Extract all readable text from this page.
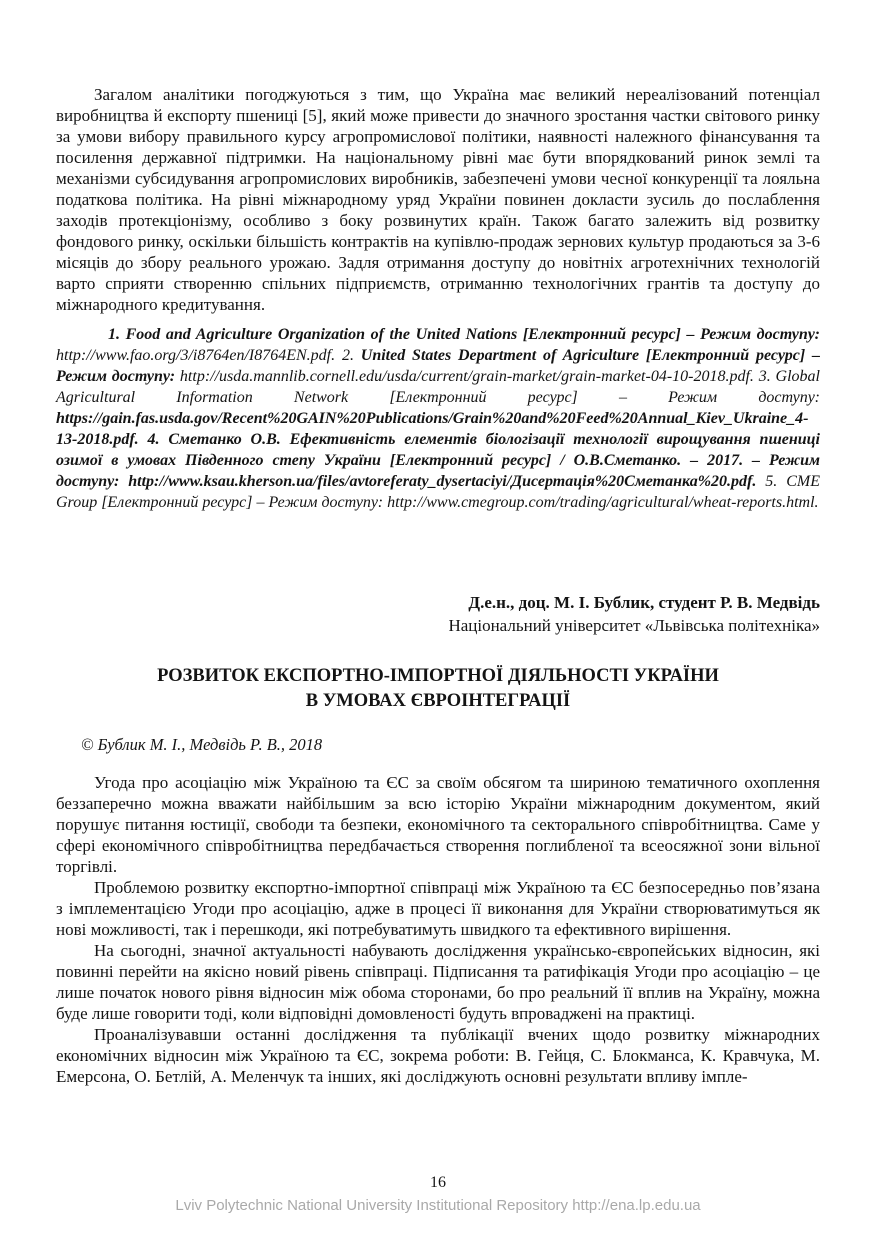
Загалом аналітики погоджуються з тим, що Україна має великий нереалізований потенціал виробництва й експорту пшениці [5], який може привести до значного зростання частки світового ринку за умови вибору правильного курсу агропромислової політики, наявності належного фінансування та посилення державної підтримки. На національному рівні має бути впорядкований ринок землі та механізми субсидування агропромислових виробників, забезпечені умови чесної конкуренції та лояльна податкова політика. На рівні міжнародному уряд України повинен докласти зусиль до послаблення заходів протекціонізму, особливо з боку розвинутих країн. Також багато залежить від розвитку фондового ринку, оскільки більшість контрактів на купівлю-продаж зернових культур продаються за 3-6 місяців до збору реального урожаю. Задля отримання доступу до новітніх агротехнічних технологій варто сприяти створенню спільних підприємств, отриманню технологічних грантів та доступу до міжнародного кредитування.

1. Food and Agriculture Organization of the United Nations [Електронний ресурс] – Режим доступу: http://www.fao.org/3/i8764en/I8764EN.pdf. 2. United States Department of Agriculture [Електронний ресурс] – Режим доступу: http://usda.mannlib.cornell.edu/usda/current/grain-market/grain-market-04-10-2018.pdf. 3. Global Agricultural Information Network [Електронний ресурс] – Режим доступу: https://gain.fas.usda.gov/Recent%20GAIN%20Publications/Grain%20and%20Feed%20Annual_Kiev_Ukraine_4-13-2018.pdf. 4. Сметанко О.В. Ефективність елементів біологізації технології вирощування пшениці озимої в умовах Південного степу України [Електронний ресурс] / О.В.Сметанко. – 2017. – Режим доступу: http://www.ksau.kherson.ua/files/avtoreferaty_dysertaciyi/Дисертація%20Сметанка%20.pdf. 5. CME Group [Електронний ресурс] – Режим доступу: http://www.cmegroup.com/trading/agricultural/wheat-reports.html.

Д.е.н., доц. М. І. Бублик, студент Р. В. Медвідь
Національний університет «Львівська політехніка»
РОЗВИТОК ЕКСПОРТНО-ІМПОРТНОЇ ДІЯЛЬНОСТІ УКРАЇНИ
В УМОВАХ ЄВРОІНТЕГРАЦІЇ

© Бублик М. І., Медвідь Р. В., 2018

Угода про асоціацію між Україною та ЄС за своїм обсягом та шириною тематичного охоплення беззаперечно можна вважати найбільшим за всю історію України міжнародним документом, який порушує питання юстиції, свободи та безпеки, економічного та секторального співробітництва. Саме у сфері економічного співробітництва передбачається створення поглибленої та всеосяжної зони вільної торгівлі.

Проблемою розвитку експортно-імпортної співпраці між Україною та ЄС безпосередньо пов’язана з імплементацією Угоди про асоціацію, адже в процесі її виконання для України створюватимуться як нові можливості, так і перешкоди, які потребуватимуть швидкого та ефективного вирішення.

На сьогодні, значної актуальності набувають дослідження українсько-європейських відносин, які повинні перейти на якісно новий рівень співпраці. Підписання та ратифікація Угоди про асоціацію – це лише початок нового рівня відносин між обома сторонами, бо про реальний її вплив на Україну, можна буде лише говорити тоді, коли відповідні домовленості будуть впроваджені на практиці.

Проаналізувавши останні дослідження та публікації вчених щодо розвитку міжнародних економічних відносин між Україною та ЄС, зокрема роботи: В. Гейця, С. Блокманса, К. Кравчука, М. Емерсона, О. Бетлій, А. Меленчук та інших, які досліджують основні результати впливу імпле-

16
Lviv Polytechnic National University Institutional Repository http://ena.lp.edu.ua
